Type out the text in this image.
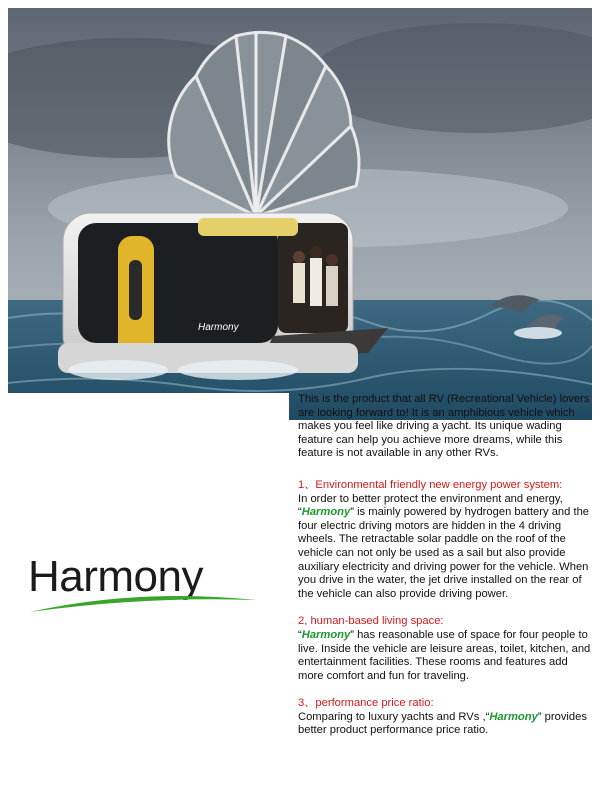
Harmony
Harmony

This is the product that all RV (Recreational Vehicle) lovers are looking forward to! It is an amphibious vehicle which makes you feel like driving a yacht. Its unique wading feature can help you achieve more dreams, while this feature is not available in any other RVs.

1、Environmental friendly new energy power system:

In order to better protect the environment and energy, “Harmony” is mainly powered by hydrogen battery and the four electric driving motors are hidden in the 4 driving wheels. The retractable solar paddle on the roof of the vehicle can not only be used as a sail but also provide auxiliary electricity and driving power for the vehicle. When you drive in the water, the jet drive installed on the rear of the vehicle can also provide driving power.

2, human-based living space:

“Harmony” has reasonable use of space for four people to live. Inside the vehicle are leisure areas, toilet, kitchen, and entertainment facilities. These rooms and features add more comfort and fun for traveling.

3、performance price ratio:

Comparing to luxury yachts and RVs ,“Harmony” provides better product performance price ratio.
